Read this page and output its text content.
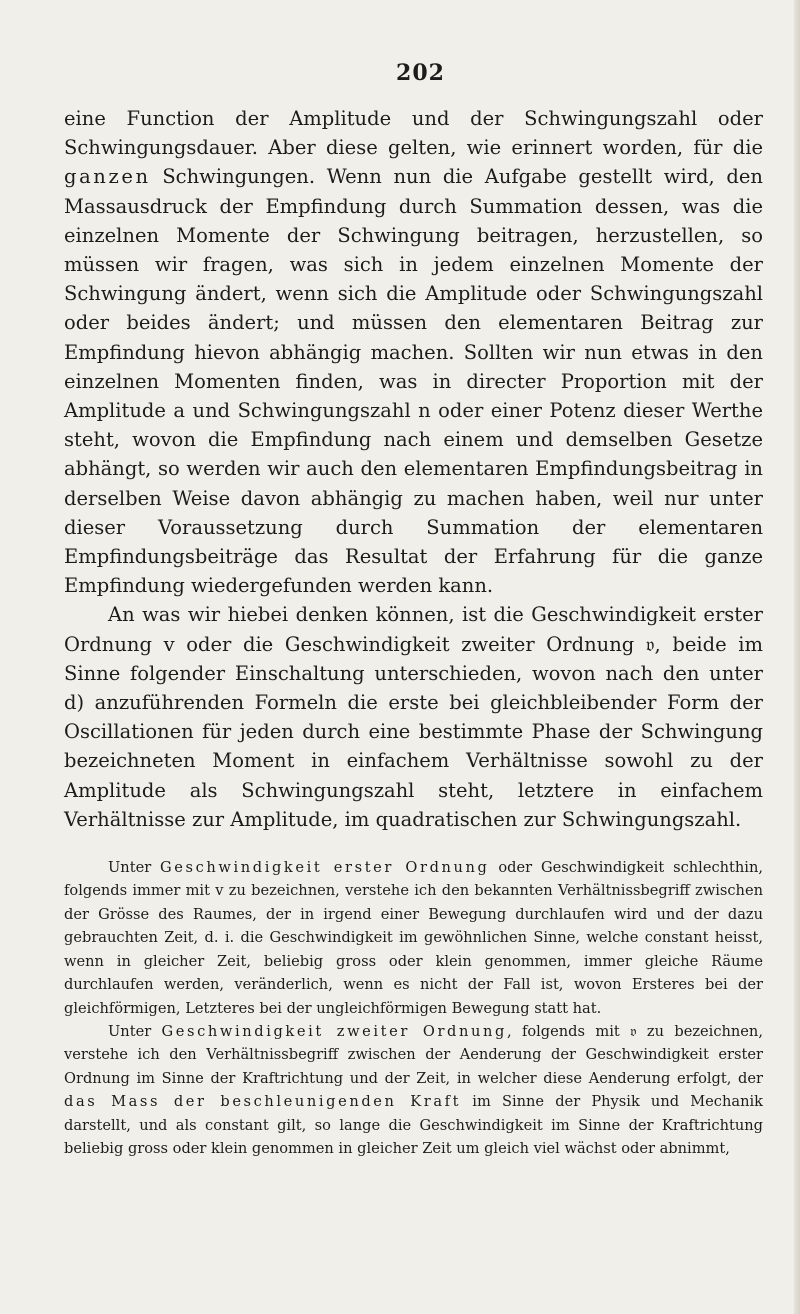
202

eine Function der Amplitude und der Schwingungszahl oder Schwingungsdauer. Aber diese gelten, wie erinnert worden, für die ganzen Schwingungen. Wenn nun die Aufgabe gestellt wird, den Massausdruck der Empfindung durch Summation dessen, was die einzelnen Momente der Schwingung beitragen, herzustellen, so müssen wir fragen, was sich in jedem einzelnen Momente der Schwingung ändert, wenn sich die Amplitude oder Schwingungszahl oder beides ändert; und müssen den elementaren Beitrag zur Empfindung hievon abhängig machen. Sollten wir nun etwas in den einzelnen Momenten finden, was in directer Proportion mit der Amplitude a und Schwingungszahl n oder einer Potenz dieser Werthe steht, wovon die Empfindung nach einem und demselben Gesetze abhängt, so werden wir auch den elementaren Empfindungsbeitrag in derselben Weise davon abhängig zu machen haben, weil nur unter dieser Voraussetzung durch Summation der elementaren Empfindungsbeiträge das Resultat der Erfahrung für die ganze Empfindung wiedergefunden werden kann.

An was wir hiebei denken können, ist die Geschwindigkeit erster Ordnung v oder die Geschwindigkeit zweiter Ordnung 𝔳, beide im Sinne folgender Einschaltung unterschieden, wovon nach den unter d) anzuführenden Formeln die erste bei gleichbleibender Form der Oscillationen für jeden durch eine bestimmte Phase der Schwingung bezeichneten Moment in einfachem Verhältnisse sowohl zu der Amplitude als Schwingungszahl steht, letztere in einfachem Verhältnisse zur Amplitude, im quadratischen zur Schwingungszahl.

Unter Geschwindigkeit erster Ordnung oder Geschwindigkeit schlechthin, folgends immer mit v zu bezeichnen, verstehe ich den bekannten Verhältnissbegriff zwischen der Grösse des Raumes, der in irgend einer Bewegung durchlaufen wird und der dazu gebrauchten Zeit, d. i. die Geschwindigkeit im gewöhnlichen Sinne, welche constant heisst, wenn in gleicher Zeit, beliebig gross oder klein genommen, immer gleiche Räume durchlaufen werden, veränderlich, wenn es nicht der Fall ist, wovon Ersteres bei der gleichförmigen, Letzteres bei der ungleichförmigen Bewegung statt hat.

Unter Geschwindigkeit zweiter Ordnung, folgends mit 𝔳 zu bezeichnen, verstehe ich den Verhältnissbegriff zwischen der Aenderung der Geschwindigkeit erster Ordnung im Sinne der Kraftrichtung und der Zeit, in welcher diese Aenderung erfolgt, der das Mass der beschleunigenden Kraft im Sinne der Physik und Mechanik darstellt, und als constant gilt, so lange die Geschwindigkeit im Sinne der Kraftrichtung beliebig gross oder klein genommen in gleicher Zeit um gleich viel wächst oder abnimmt,
